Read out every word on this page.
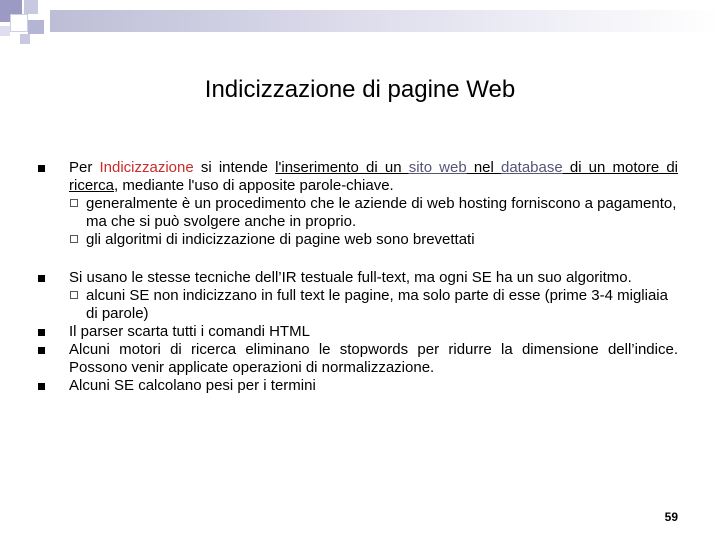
Indicizzazione di pagine Web
Per Indicizzazione si intende l'inserimento di un sito web nel database di un motore di ricerca, mediante l'uso di apposite parole-chiave.
generalmente è un procedimento che le aziende di web hosting forniscono a pagamento, ma che si può svolgere anche in proprio.
gli algoritmi di indicizzazione di pagine web sono brevettati
Si usano le stesse tecniche dell’IR testuale full-text, ma ogni SE ha un suo algoritmo.
alcuni SE non indicizzano in full text le pagine, ma solo parte di esse (prime 3-4 migliaia di parole)
Il parser scarta tutti i comandi HTML
Alcuni motori di ricerca eliminano le stopwords per ridurre la dimensione dell’indice. Possono venir applicate operazioni di normalizzazione.
Alcuni SE calcolano pesi per i termini
59
